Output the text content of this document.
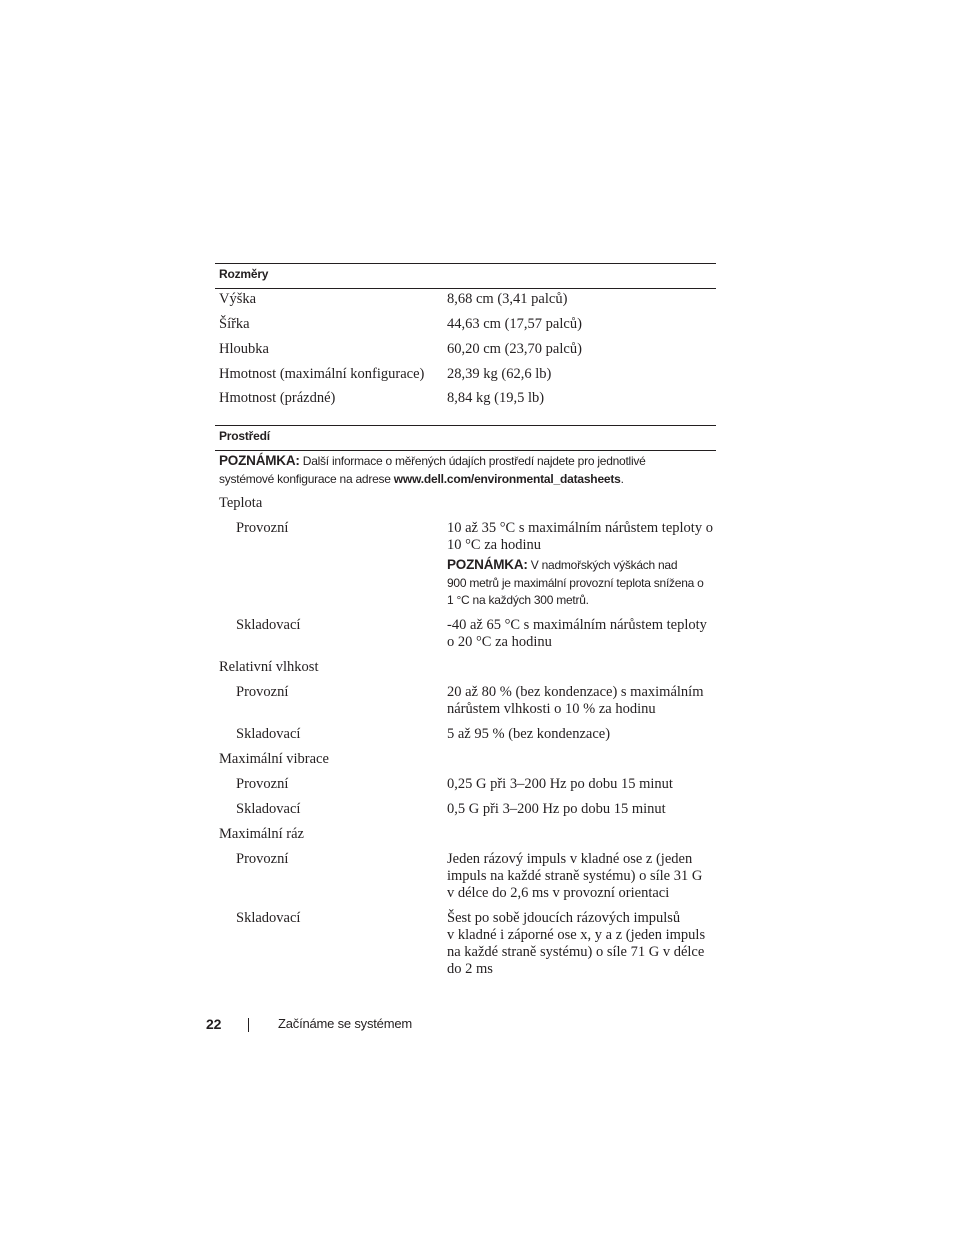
Rozměry
Výška	8,68 cm (3,41 palců)
Šířka	44,63 cm (17,57 palců)
Hloubka	60,20 cm (23,70 palců)
Hmotnost (maximální konfigurace) 28,39 kg (62,6 lb)
Hmotnost (prázdné)	8,84 kg (19,5 lb)
Prostředí
POZNÁMKA: Další informace o měřených údajích prostředí najdete pro jednotlivé
systémové konfigurace na adrese www.dell.com/environmental_datasheets.
Teplota
Provozní	10 až 35 °C s maximálním nárůstem teploty o
10 °C za hodinu
POZNÁMKA: V nadmořských výškách nad
900 metrů je maximální provozní teplota snížena o
1 °C na každých 300 metrů.
Skladovací	-40 až 65 °C s maximálním nárůstem teploty
o 20 °C za hodinu
Relativní vlhkost
Provozní	20 až 80 % (bez kondenzace) s maximálním
nárůstem vlhkosti o 10 % za hodinu
Skladovací	5 až 95 % (bez kondenzace)
Maximální vibrace
Provozní	0,25 G při 3–200 Hz po dobu 15 minut
Skladovací	0,5 G při 3–200 Hz po dobu 15 minut
Maximální ráz
Provozní	Jeden rázový impuls v kladné ose z (jeden
impuls na každé straně systému) o síle 31 G
v délce do 2,6 ms v provozní orientaci
Skladovací	Šest po sobě jdoucích rázových impulsů
v kladné i záporné ose x, y a z (jeden impuls
na každé straně systému) o síle 71 G v délce
do 2 ms
22	Začínáme se systémem
